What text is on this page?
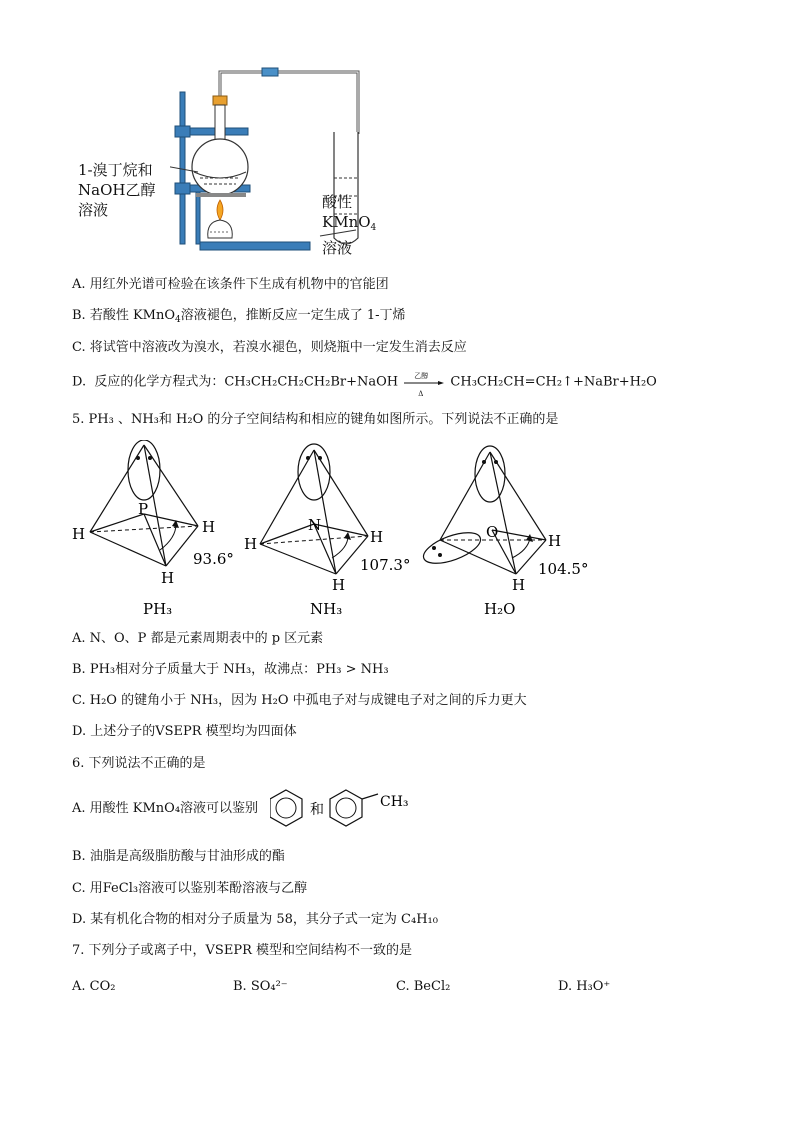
1-溴丁烷和
NaOH乙醇
溶液	酸性
KMnO$_4$
溶液
A. 用红外光谱可检验在该条件下生成有机物中的官能团
B. 若酸性 KMnO$_4$溶液褪色，推断反应一定生成了 1-丁烯
C. 将试管中溶液改为溴水，若溴水褪色，则烧瓶中一定发生消去反应
D.  反应的化学方程式为：CH₃CH₂CH₂CH₂Br+NaOH 乙醇
Δ
CH₃CH₂CH=CH₂↑+NaBr+H₂O
5. PH₃ 、NH₃和 H₂O 的分子空间结构和相应的键角如图所示。下列说法不正确的是
P
H	H
H
93.6°
PH₃
N
H	H
H
107.3°
NH₃
O	H
H
104.5°
H₂O
A. N、O、P 都是元素周期表中的 p 区元素
B. PH₃相对分子质量大于 NH₃，故沸点：PH₃ > NH₃
C. H₂O 的键角小于 NH₃，因为 H₂O 中孤电子对与成键电子对之间的斥力更大
D. 上述分子的VSEPR 模型均为四面体
6. 下列说法不正确的是
A. 用酸性 KMnO₄溶液可以鉴别	和	CH₃
B. 油脂是高级脂肪酸与甘油形成的酯
C. 用FeCl₃溶液可以鉴别苯酚溶液与乙醇
D. 某有机化合物的相对分子质量为 58，其分子式一定为 C₄H₁₀
7. 下列分子或离子中，VSEPR 模型和空间结构不一致的是
A. CO₂	B. SO₄²⁻	C. BeCl₂	D. H₃O⁺
